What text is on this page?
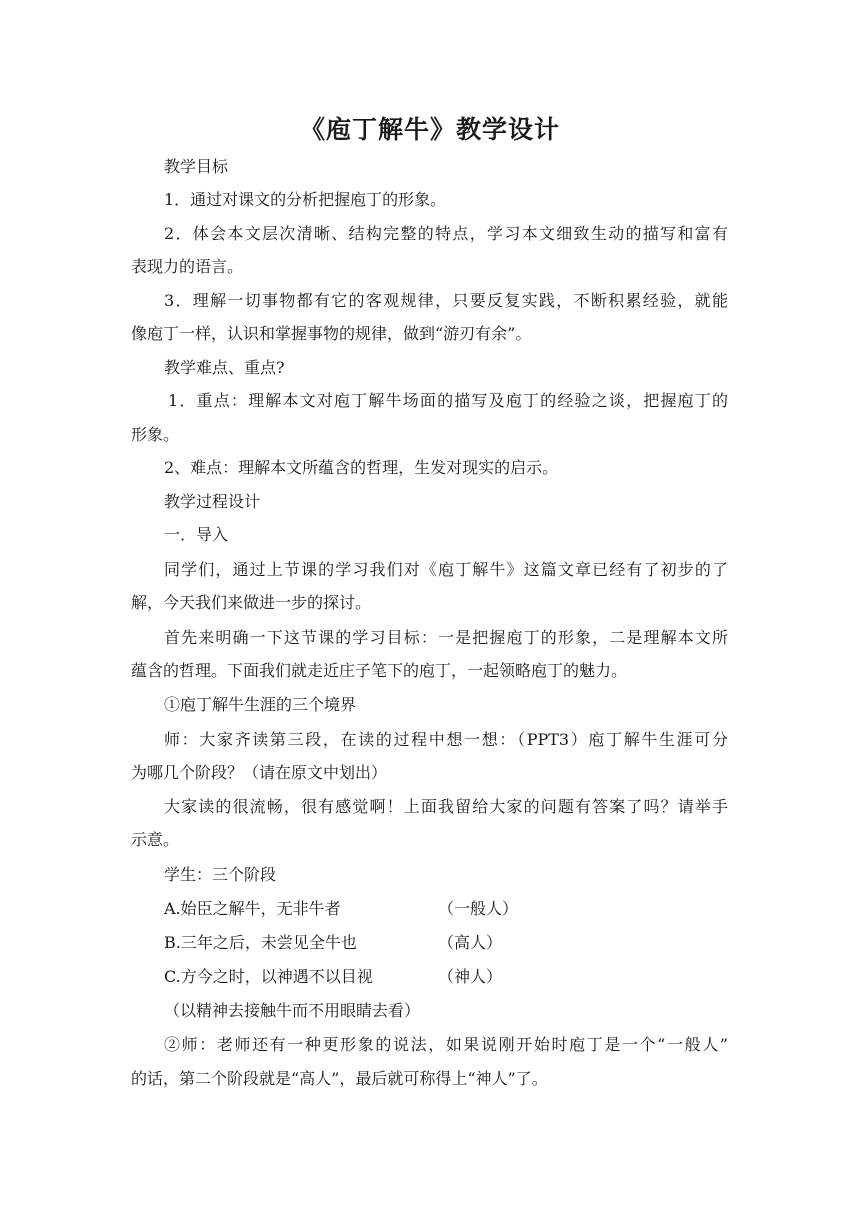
《庖丁解牛》教学设计

教学目标

1．通过对课文的分析把握庖丁的形象。

2．体会本文层次清晰、结构完整的特点，学习本文细致生动的描写和富有

表现力的语言。

3．理解一切事物都有它的客观规律，只要反复实践，不断积累经验，就能

像庖丁一样，认识和掌握事物的规律，做到“游刃有余”。

教学难点、重点?

1．重点：理解本文对庖丁解牛场面的描写及庖丁的经验之谈，把握庖丁的

形象。

2、难点：理解本文所蕴含的哲理，生发对现实的启示。

教学过程设计

一．导入

同学们，通过上节课的学习我们对《庖丁解牛》这篇文章已经有了初步的了

解，今天我们来做进一步的探讨。

首先来明确一下这节课的学习目标：一是把握庖丁的形象，二是理解本文所

蕴含的哲理。下面我们就走近庄子笔下的庖丁，一起领略庖丁的魅力。

①庖丁解牛生涯的三个境界

师：大家齐读第三段，在读的过程中想一想：（PPT3）庖丁解牛生涯可分

为哪几个阶段？（请在原文中划出）

大家读的很流畅，很有感觉啊！上面我留给大家的问题有答案了吗？请举手

示意。

学生：三个阶段

A.始臣之解牛，无非牛者	（一般人）

B.三年之后，未尝见全牛也	（高人）

C.方今之时，以神遇不以目视	（神人）

（以精神去接触牛而不用眼睛去看）

②师：老师还有一种更形象的说法，如果说刚开始时庖丁是一个“一般人”

的话，第二个阶段就是“高人”，最后就可称得上“神人”了。
